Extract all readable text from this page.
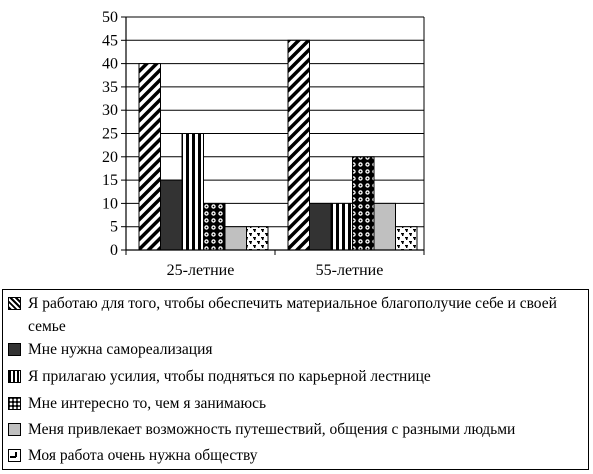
0
5
10
15
20
25
30
35
40
45
50
25-летние	55-летние
Я работаю для того, чтобы обеспечить материальное благополучие себе и своей семье
Мне нужна самореализация
Я прилагаю усилия, чтобы подняться по карьерной лестнице
Мне интересно то, чем я занимаюсь
Меня привлекает возможность путешествий, общения с разными людьми
Моя работа очень нужна обществу
